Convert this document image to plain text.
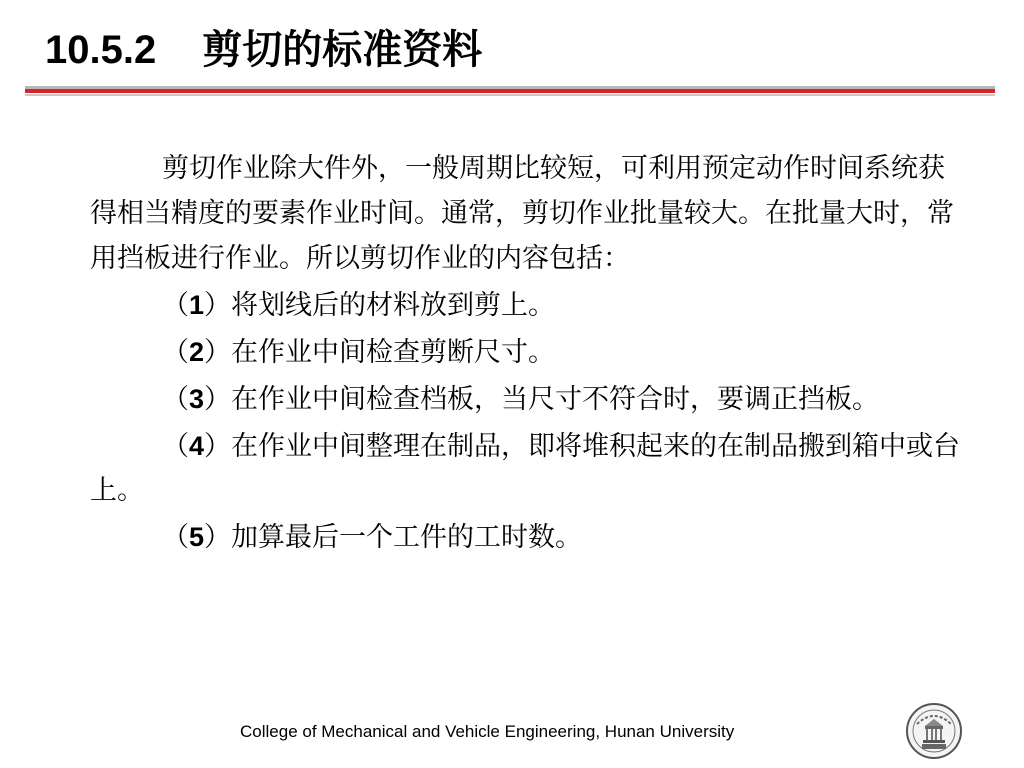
10.5.2 剪切的标准资料

剪切作业除大件外，一般周期比较短，可利用预定动作时间系统获得相当精度的要素作业时间。通常，剪切作业批量较大。在批量大时，常用挡板进行作业。所以剪切作业的内容包括：

（1）将划线后的材料放到剪上。

（2）在作业中间检查剪断尺寸。

（3）在作业中间检查档板，当尺寸不符合时，要调正挡板。

（4）在作业中间整理在制品，即将堆积起来的在制品搬到箱中或台上。

（5）加算最后一个工件的工时数。

College of Mechanical and Vehicle Engineering, Hunan University
